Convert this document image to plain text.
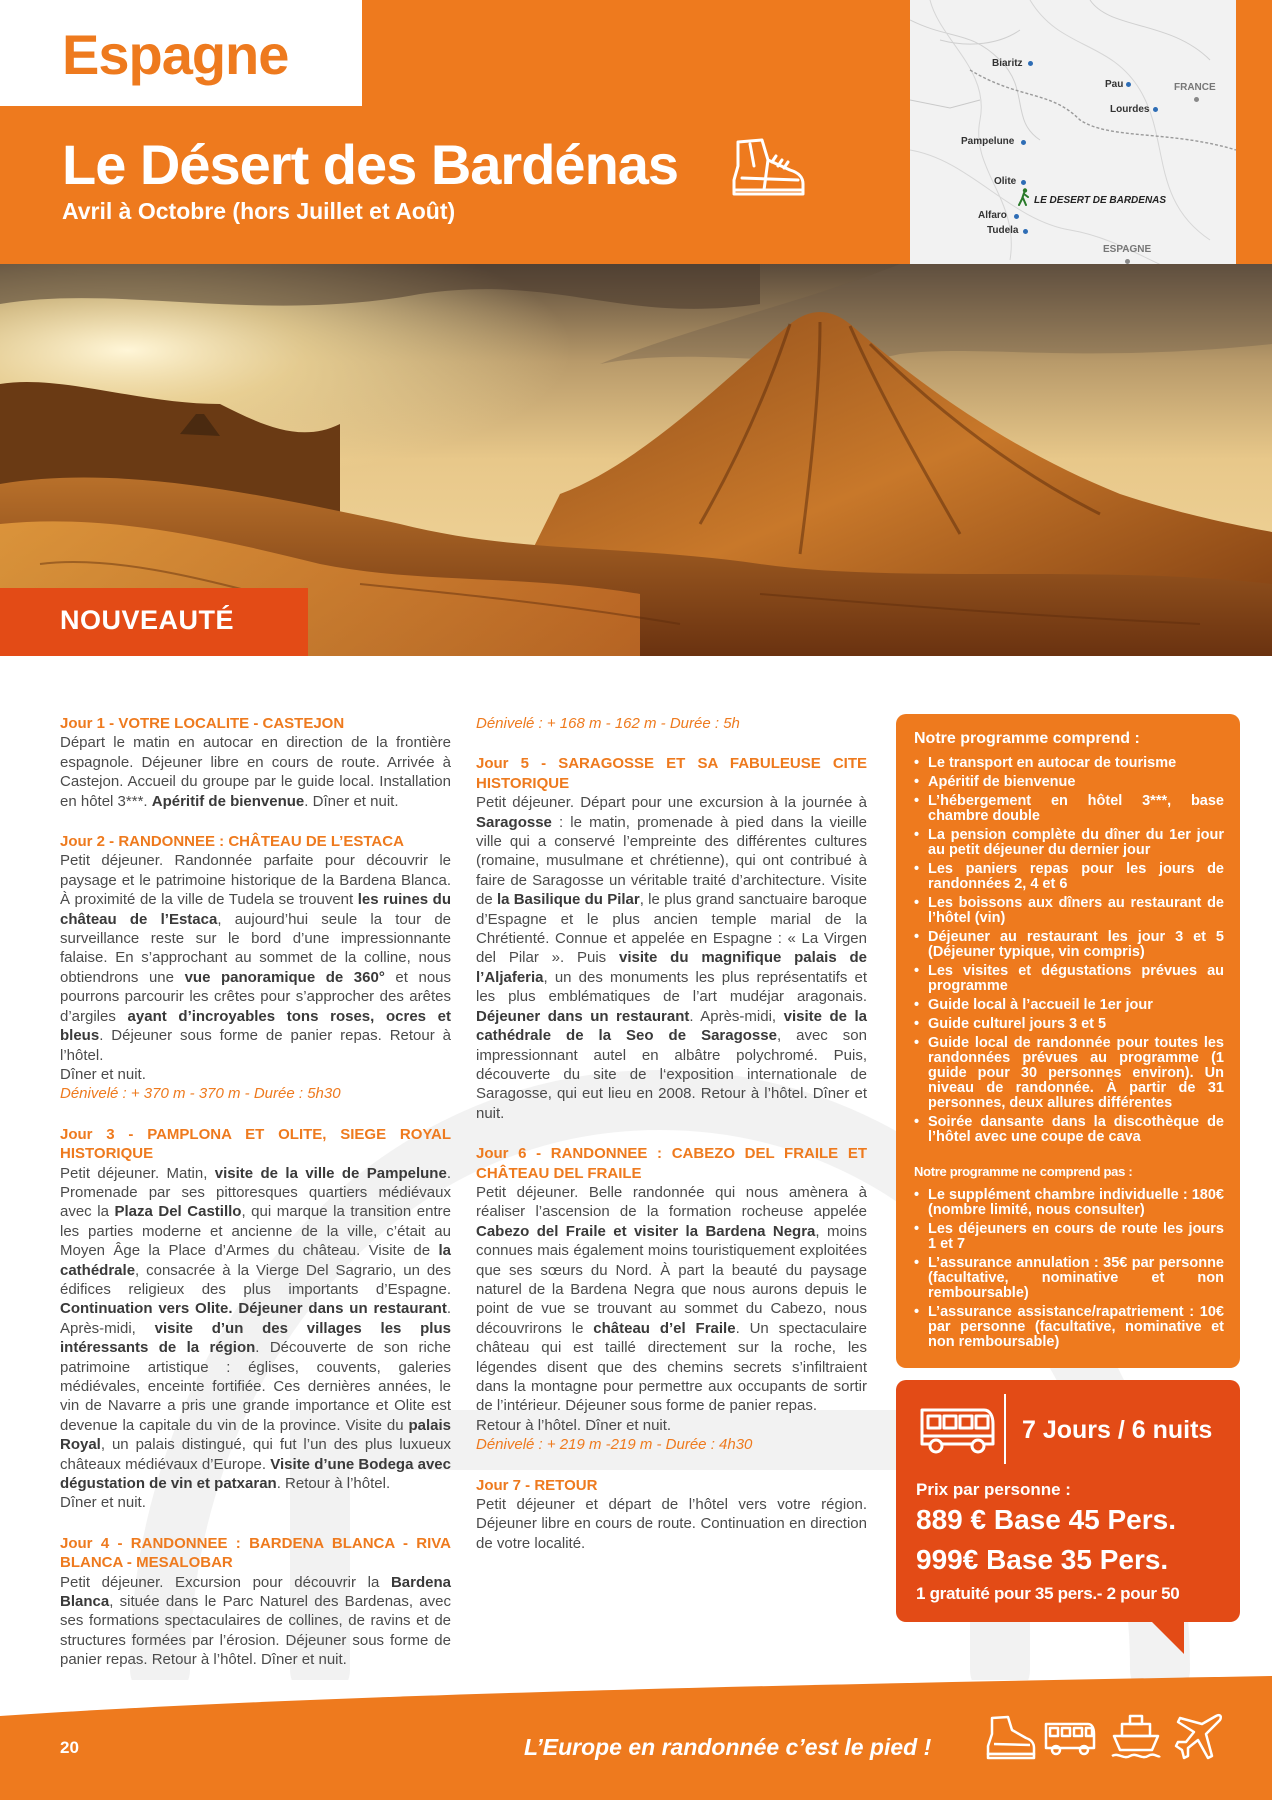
Espagne
Le Désert des Bardénas
Avril à Octobre (hors Juillet et Août)
Biaritz
Pau
Lourdes
FRANCE
Pampelune
Olite
LE DESERT DE BARDENAS
Alfaro
Tudela
ESPAGNE
NOUVEAUTÉ
Jour 1 - VOTRE LOCALITE - CASTEJON
Départ le matin en autocar en direction de la frontière espagnole. Déjeuner libre en cours de route. Arrivée à Castejon. Accueil du groupe par le guide local. Installation en hôtel 3***. Apéritif de bienvenue. Dîner et nuit.
Jour 2 - RANDONNEE : CHÂTEAU DE L’ESTACA
Petit déjeuner. Randonnée parfaite pour découvrir le paysage et le patrimoine historique de la Bardena Blanca. À proximité de la ville de Tudela se trouvent les ruines du château de l’Estaca, aujourd’hui seule la tour de surveillance reste sur le bord d’une impressionnante falaise. En s’approchant au sommet de la colline, nous obtiendrons une vue panoramique de 360° et nous pourrons parcourir les crêtes pour s’approcher des arêtes d’argiles ayant d’incroyables tons roses, ocres et bleus. Déjeuner sous forme de panier repas. Retour à l’hôtel.
Dîner et nuit.
Dénivelé : + 370 m - 370 m - Durée : 5h30
Jour 3 - PAMPLONA ET OLITE, SIEGE ROYAL HISTORIQUE
Petit déjeuner. Matin, visite de la ville de Pampelune. Promenade par ses pittoresques quartiers médiévaux avec la Plaza Del Castillo, qui marque la transition entre les parties moderne et ancienne de la ville, c’était au Moyen Âge la Place d’Armes du château. Visite de la cathédrale, consacrée à la Vierge Del Sagrario, un des édifices religieux des plus importants d’Espagne. Continuation vers Olite. Déjeuner dans un restaurant. Après-midi, visite d’un des villages les plus intéressants de la région. Découverte de son riche patrimoine artistique : églises, couvents, galeries médiévales, enceinte fortifiée. Ces dernières années, le vin de Navarre a pris une grande importance et Olite est devenue la capitale du vin de la province. Visite du palais Royal, un palais distingué, qui fut l’un des plus luxueux châteaux médiévaux d’Europe. Visite d’une Bodega avec dégustation de vin et patxaran. Retour à l’hôtel.
Dîner et nuit.
Jour 4 - RANDONNEE : BARDENA BLANCA - RIVA BLANCA - MESALOBAR
Petit déjeuner. Excursion pour découvrir la Bardena Blanca, située dans le Parc Naturel des Bardenas, avec ses formations spectaculaires de collines, de ravins et de structures formées par l’érosion. Déjeuner sous forme de panier repas. Retour à l’hôtel. Dîner et nuit.
Dénivelé : + 168 m - 162 m - Durée : 5h
Jour 5 - SARAGOSSE ET SA FABULEUSE CITE HISTORIQUE
Petit déjeuner. Départ pour une excursion à la journée à Saragosse : le matin, promenade à pied dans la vieille ville qui a conservé l’empreinte des différentes cultures (romaine, musulmane et chrétienne), qui ont contribué à faire de Saragosse un véritable traité d’architecture. Visite de la Basilique du Pilar, le plus grand sanctuaire baroque d’Espagne et le plus ancien temple marial de la Chrétienté. Connue et appelée en Espagne : « La Virgen del Pilar ». Puis visite du magnifique palais de l’Aljaferia, un des monuments les plus représentatifs et les plus emblématiques de l’art mudéjar aragonais. Déjeuner dans un restaurant. Après-midi, visite de la cathédrale de la Seo de Saragosse, avec son impressionnant autel en albâtre polychromé. Puis, découverte du site de l‘exposition internationale de Saragosse, qui eut lieu en 2008. Retour à l’hôtel. Dîner et nuit.
Jour 6 - RANDONNEE : CABEZO DEL FRAILE ET CHÂTEAU DEL FRAILE
Petit déjeuner. Belle randonnée qui nous amènera à réaliser l’ascension de la formation rocheuse appelée Cabezo del Fraile et visiter la Bardena Negra, moins connues mais également moins touristiquement exploitées que ses sœurs du Nord. À part la beauté du paysage naturel de la Bardena Negra que nous aurons depuis le point de vue se trouvant au sommet du Cabezo, nous découvrirons le château d’el Fraile. Un spectaculaire château qui est taillé directement sur la roche, les légendes disent que des chemins secrets s’infiltraient dans la montagne pour permettre aux occupants de sortir de l’intérieur. Déjeuner sous forme de panier repas.
Retour à l’hôtel. Dîner et nuit.
Dénivelé : + 219 m -219 m - Durée : 4h30
Jour 7 - RETOUR
Petit déjeuner et départ de l’hôtel vers votre région. Déjeuner libre en cours de route. Continuation en direction de votre localité.
Notre programme comprend :
• Le transport en autocar de tourisme
• Apéritif de bienvenue
• L’hébergement en hôtel 3***, base chambre double
• La pension complète du dîner du 1er jour au petit déjeuner du dernier jour
• Les paniers repas pour les jours de randonnées 2, 4 et 6
• Les boissons aux dîners au restaurant de l’hôtel (vin)
• Déjeuner au restaurant les jour 3 et 5 (Déjeuner typique, vin compris)
• Les visites et dégustations prévues au programme
• Guide local à l’accueil le 1er jour
• Guide culturel jours 3 et 5
• Guide local de randonnée pour toutes les randonnées prévues au programme (1 guide pour 30 personnes environ). Un niveau de randonnée. À partir de 31 personnes, deux allures différentes
• Soirée dansante dans la discothèque de l’hôtel avec une coupe de cava
Notre programme ne comprend pas :
• Le supplément chambre individuelle : 180€ (nombre limité, nous consulter)
• Les déjeuners en cours de route les jours 1 et 7
• L’assurance annulation : 35€ par personne (facultative, nominative et non remboursable)
• L’assurance assistance/rapatriement : 10€ par personne (facultative, nominative et non remboursable)
7 Jours / 6 nuits
Prix par personne :
889 € Base 45 Pers.
999€ Base 35 Pers.
1 gratuité pour 35 pers.- 2 pour 50
20	L’Europe en randonnée c’est le pied !
